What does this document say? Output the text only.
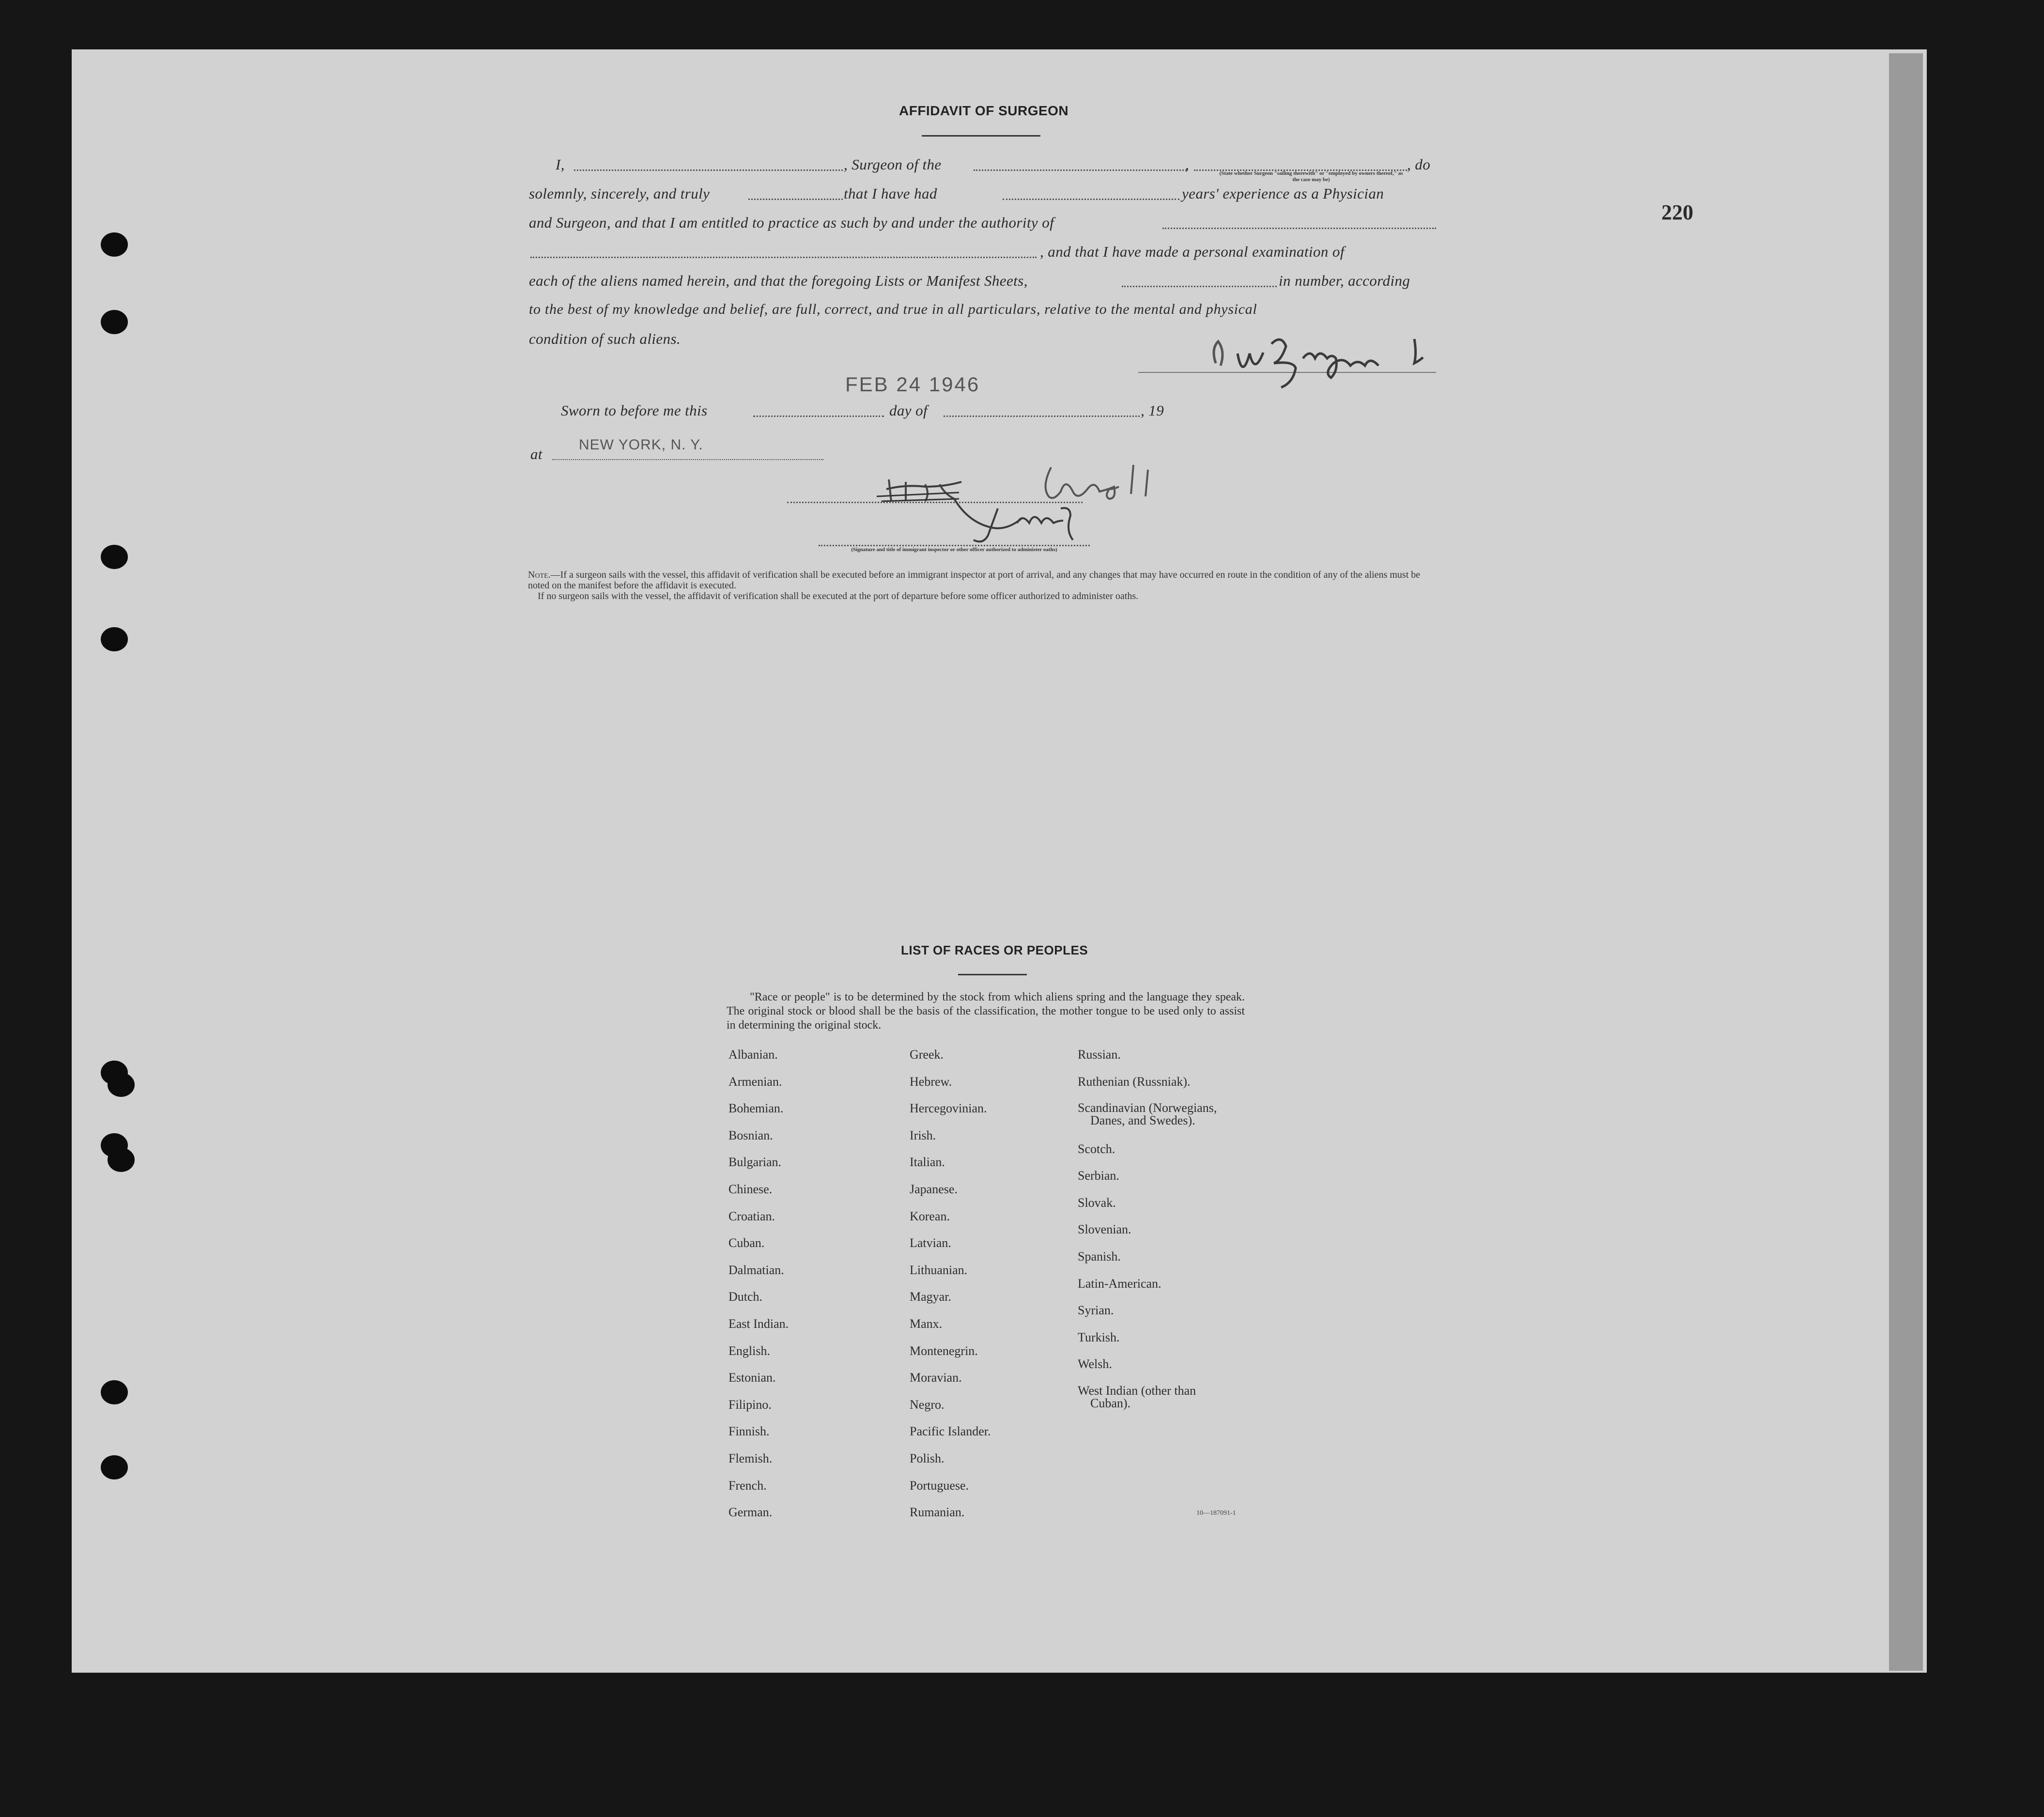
220
AFFIDAVIT OF SURGEON
I,	, Surgeon of the	,
(State whether Surgeon "sailing therewith" or "employed by owners thereof," as the case may be)
, do
solemnly, sincerely, and truly	that I have had	years' experience as a Physician
and Surgeon, and that I am entitled to practice as such by and under the authority of
, and that I have made a personal examination of
each of the aliens named herein, and that the foregoing Lists or Manifest Sheets,	in number, according
to the best of my knowledge and belief, are full, correct, and true in all particulars, relative to the mental and physical
condition of such aliens.
FEB 24 1946
Sworn to before me this	day of	, 19
at
NEW YORK, N. Y.
(Signature and title of immigrant inspector or other officer authorized to administer oaths)

Note.—If a surgeon sails with the vessel, this affidavit of verification shall be executed before an immigrant inspector at port of arrival, and any changes that may have occurred en route in the condition of any of the aliens must be noted on the manifest before the affidavit is executed.

If no surgeon sails with the vessel, the affidavit of verification shall be executed at the port of departure before some officer authorized to administer oaths.

LIST OF RACES OR PEOPLES
"Race or people" is to be determined by the stock from which aliens spring and the language they speak. The original stock or blood shall be the basis of the classification, the mother tongue to be used only to assist in determining the original stock.
Albanian.
Armenian.
Bohemian.
Bosnian.
Bulgarian.
Chinese.
Croatian.
Cuban.
Dalmatian.
Dutch.
East Indian.
English.
Estonian.
Filipino.
Finnish.
Flemish.
French.
German.
Greek.
Hebrew.
Hercegovinian.
Irish.
Italian.
Japanese.
Korean.
Latvian.
Lithuanian.
Magyar.
Manx.
Montenegrin.
Moravian.
Negro.
Pacific Islander.
Polish.
Portuguese.
Rumanian.
Russian.
Ruthenian (Russniak).
Scandinavian (Norwegians,
Danes, and Swedes).
Scotch.
Serbian.
Slovak.
Slovenian.
Spanish.
Latin-American.
Syrian.
Turkish.
Welsh.
West Indian (other than
Cuban).
10—187091-1
